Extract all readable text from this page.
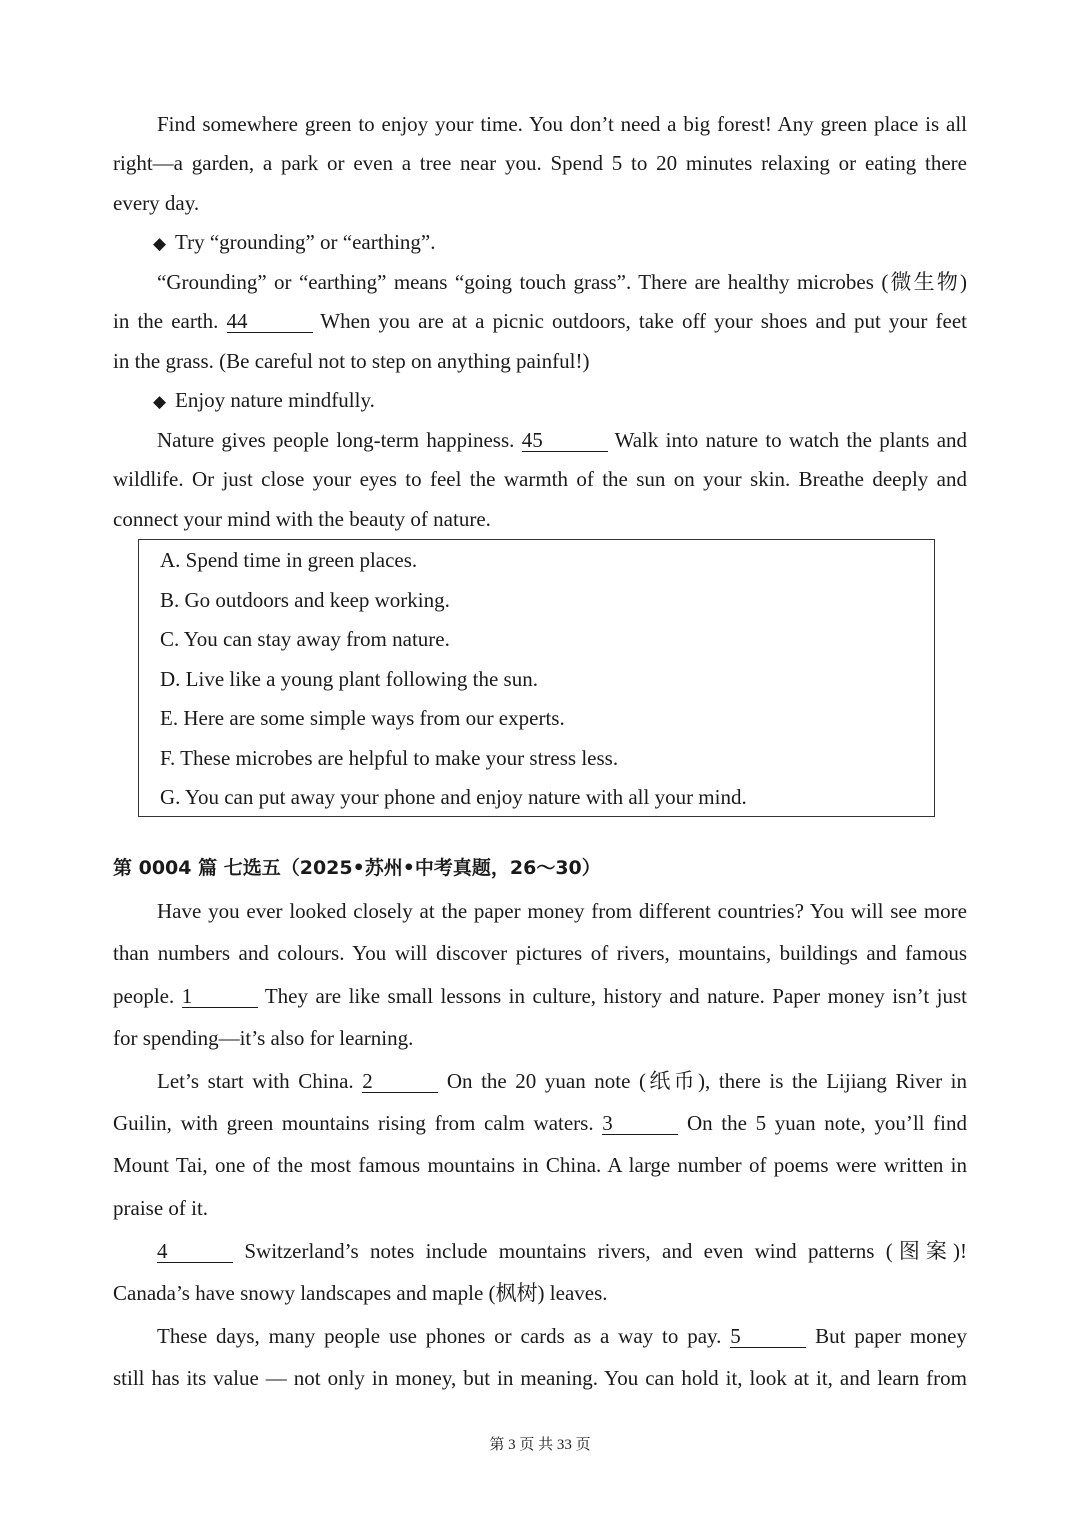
Find somewhere green to enjoy your time. You don’t need a big forest! Any green place is all
right—a garden, a park or even a tree near you. Spend 5 to 20 minutes relaxing or eating there
every day.
◆ Try “grounding” or “earthing”.
“Grounding” or “earthing” means “going touch grass”. There are healthy microbes (微生物)
in the earth. 44	When you are at a picnic outdoors, take off your shoes and put your feet
in the grass. (Be careful not to step on anything painful!)
◆ Enjoy nature mindfully.
Nature gives people long-term happiness. 45	Walk into nature to watch the plants and
wildlife. Or just close your eyes to feel the warmth of the sun on your skin. Breathe deeply and
connect your mind with the beauty of nature.
A. Spend time in green places.
B. Go outdoors and keep working.
C. You can stay away from nature.
D. Live like a young plant following the sun.
E. Here are some simple ways from our experts.
F. These microbes are helpful to make your stress less.
G. You can put away your phone and enjoy nature with all your mind.
第 0004 篇 七选五（2025•苏州•中考真题，26～30）
Have you ever looked closely at the paper money from different countries? You will see more
than numbers and colours. You will discover pictures of rivers, mountains, buildings and famous
people. 1	They are like small lessons in culture, history and nature. Paper money isn’t just
for spending—it’s also for learning.
Let’s start with China. 2	On the 20 yuan note (纸币), there is the Lijiang River in
Guilin, with green mountains rising from calm waters. 3	On the 5 yuan note, you’ll find
Mount Tai, one of the most famous mountains in China. A large number of poems were written in
praise of it.
4	Switzerland’s notes include mountains rivers, and even wind patterns (图案)!
Canada’s have snowy landscapes and maple (枫树) leaves.
These days, many people use phones or cards as a way to pay. 5	But paper money
still has its value — not only in money, but in meaning. You can hold it, look at it, and learn from
第 3 页 共 33 页
